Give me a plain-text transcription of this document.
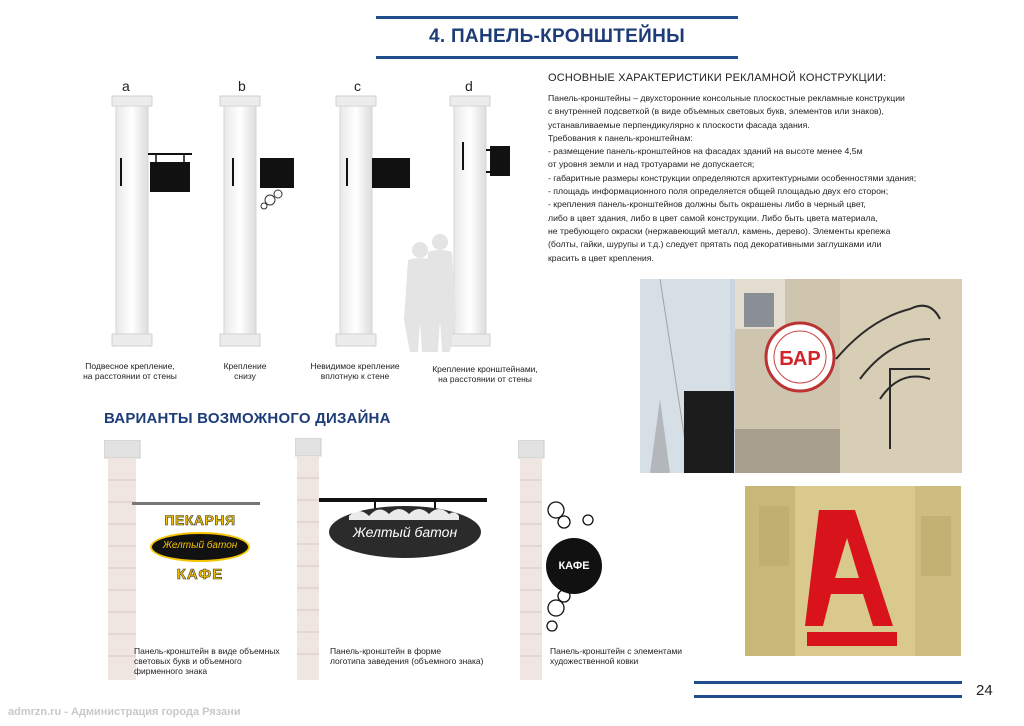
4. ПАНЕЛЬ-КРОНШТЕЙНЫ
a	b	c	d
Подвесное крепление,
на расстоянии от стены
Крепление
снизу
Невидимое крепление
вплотную к стене
Крепление кронштейнами,
на расстоянии от стены
ОСНОВНЫЕ ХАРАКТЕРИСТИКИ РЕКЛАМНОЙ КОНСТРУКЦИИ:
Панель-кронштейны – двухсторонние консольные плоскостные рекламные конструкции
с внутренней подсветкой (в виде объемных световых букв, элементов или знаков),
устанавливаемые перпендикулярно к плоскости фасада здания.
Требования к панель-кронштейнам:
- размещение панель-кронштейнов на фасадах зданий на высоте менее 4,5м
от уровня земли и над тротуарами не допускается;
- габаритные размеры конструкции определяются архитектурными особенностями здания;
- площадь информационного поля определяется общей площадью двух его сторон;
- крепления панель-кронштейнов должны быть окрашены либо в черный цвет,
либо в цвет здания, либо в цвет самой конструкции. Либо быть цвета материала,
не требующего окраски (нержавеющий металл, камень, дерево). Элементы крепежа
(болты, гайки, шурупы и т.д.) следует прятать под декоративными заглушками или
красить в цвет крепления.
БАР
А
ВАРИАНТЫ ВОЗМОЖНОГО ДИЗАЙНА
ПЕКАРНЯ
Желтый батон
КАФЕ
Панель-кронштейн в виде объемных
световых букв и объемного
фирменного знака
Желтый батон
Панель-кронштейн в форме
логотипа заведения (объемного знака)
КАФЕ
Панель-кронштейн с элементами
художественной ковки
24
admrzn.ru - Администрация города Рязани
